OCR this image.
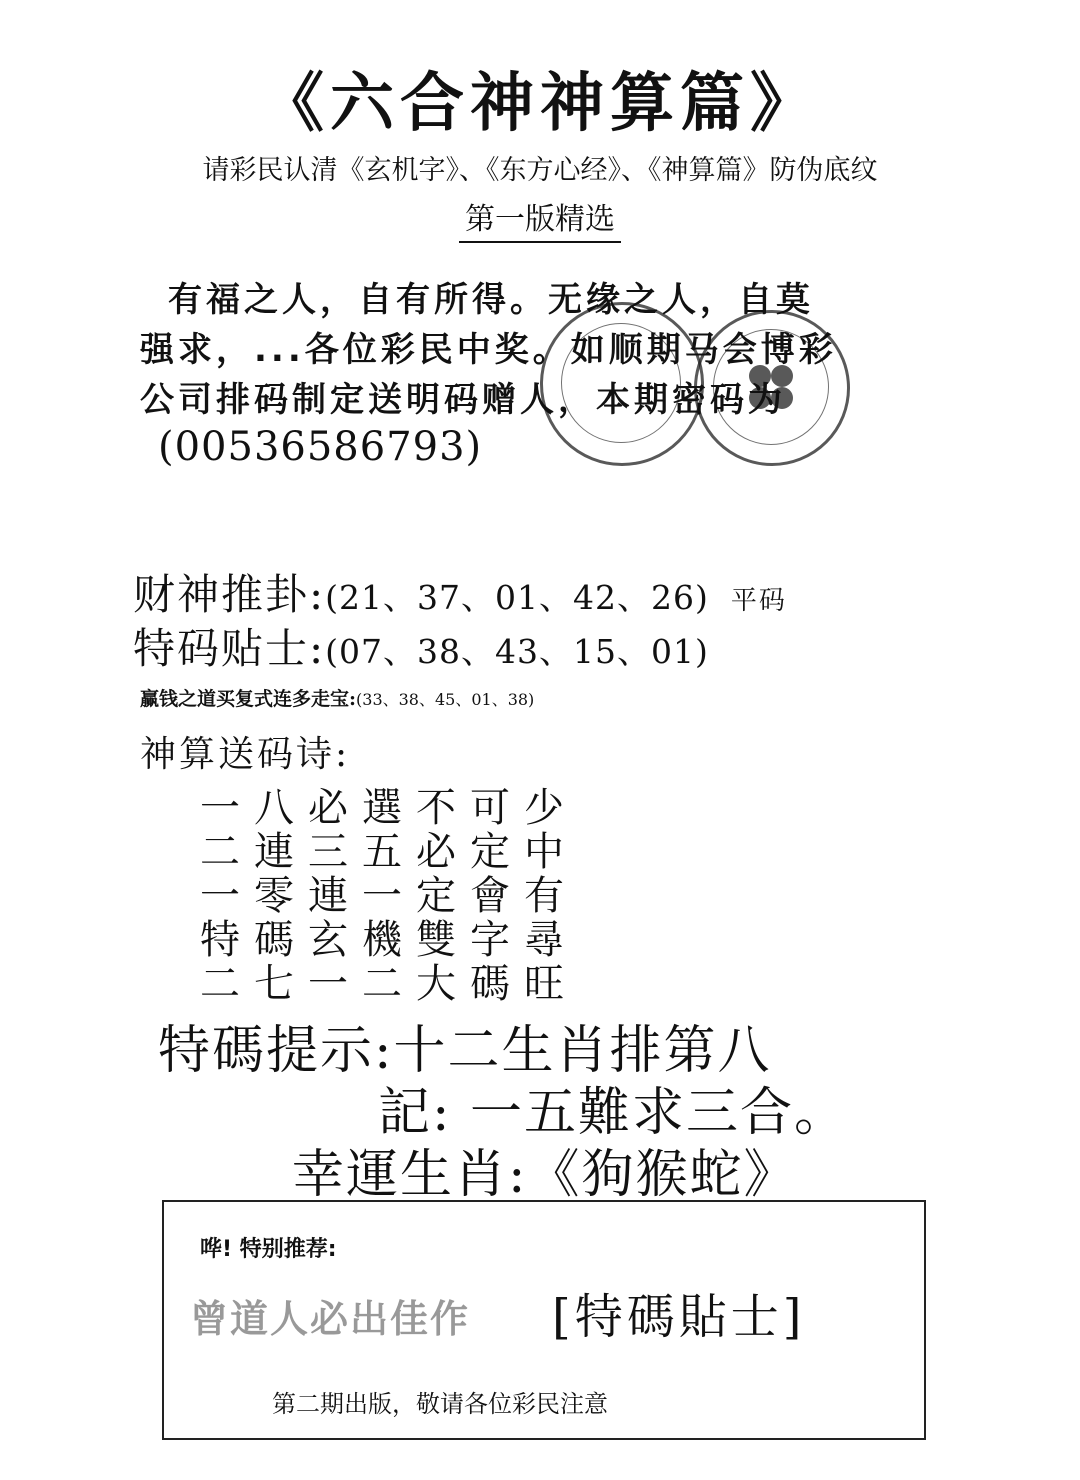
《六合神神算篇》
请彩民认清《玄机字》、《东方心经》、《神算篇》防伪底纹
第一版精选
有福之人，自有所得。无缘之人，自莫
强求，...各位彩民中奖。如顺期马会博彩
公司排码制定送明码赠人，本期密码为
(00536586793)
财神推卦:(21、37、01、42、26) 平码
特码贴士:(07、38、43、15、01)
赢钱之道买复式连多走宝:(33、38、45、01、38)
神算送码诗:
一八必選不可少
二連三五必定中
一零連一定會有
特碼玄機雙字尋
二七一二大碼旺
特碼提示:十二生肖排第八
記: 一五難求三合。
幸運生肖:《狗猴蛇》
哗! 特别推荐:
曾道人必出佳作 [特碼貼士]
第二期出版，敬请各位彩民注意
